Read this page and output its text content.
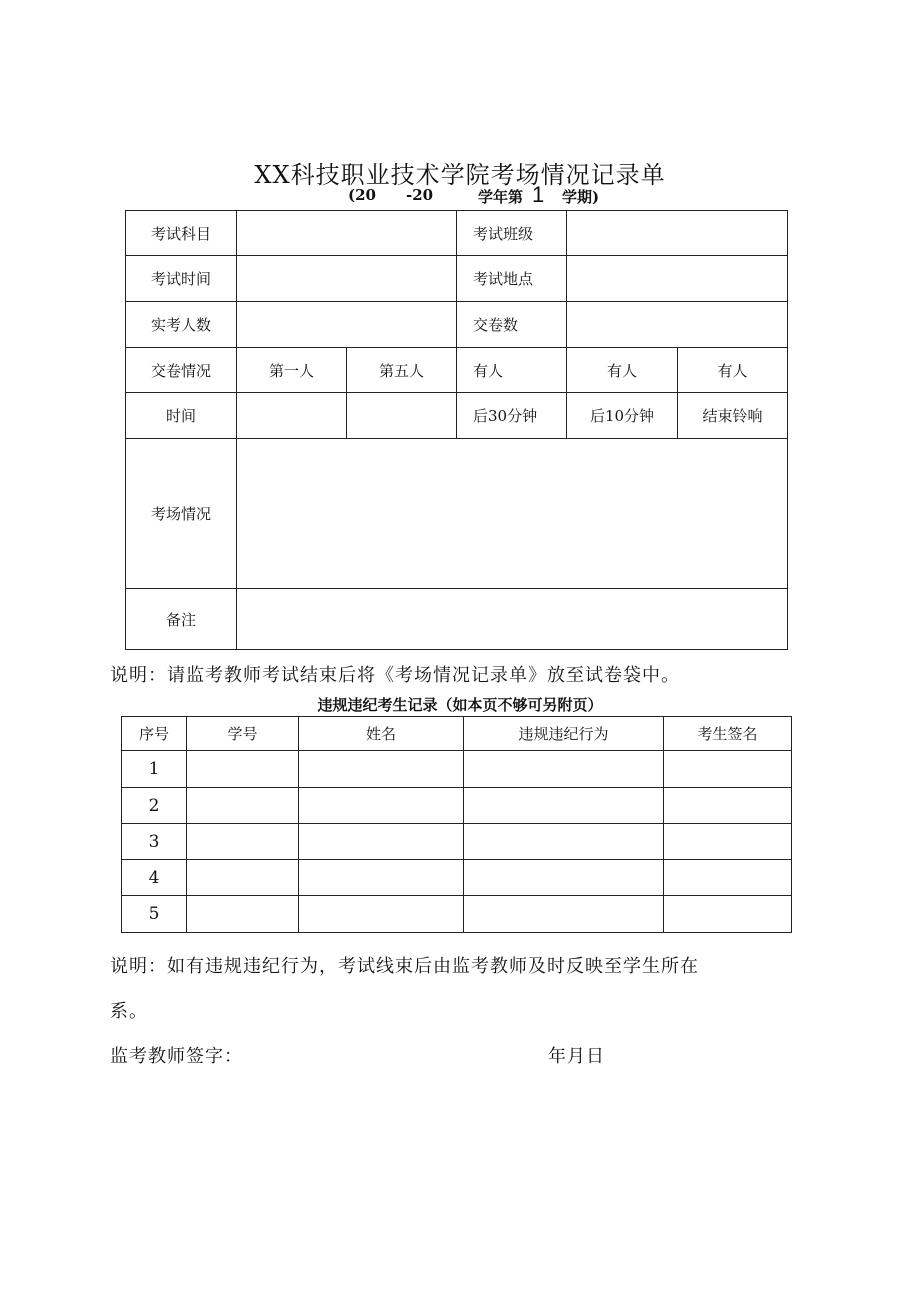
XX科技职业技术学院考场情况记录单
(20 -20	学年第 1 学期)
考试科目			考试班级		
考试时间			考试地点		
实考人数			交卷数		
交卷情况	第一人	第五人	有人	有人	有人
时间			后30分钟	后10分钟	结束铃响
考场情况					
备注					
说明：请监考教师考试结束后将《考场情况记录单》放至试卷袋中。
违规违纪考生记录（如本页不够可另附页）
序号	学号	姓名	违规违纪行为	考生签名
1				
2				
3				
4				
5				
说明：如有违规违纪行为，考试线束后由监考教师及时反映至学生所在
系。
监考教师签字：	年月日
